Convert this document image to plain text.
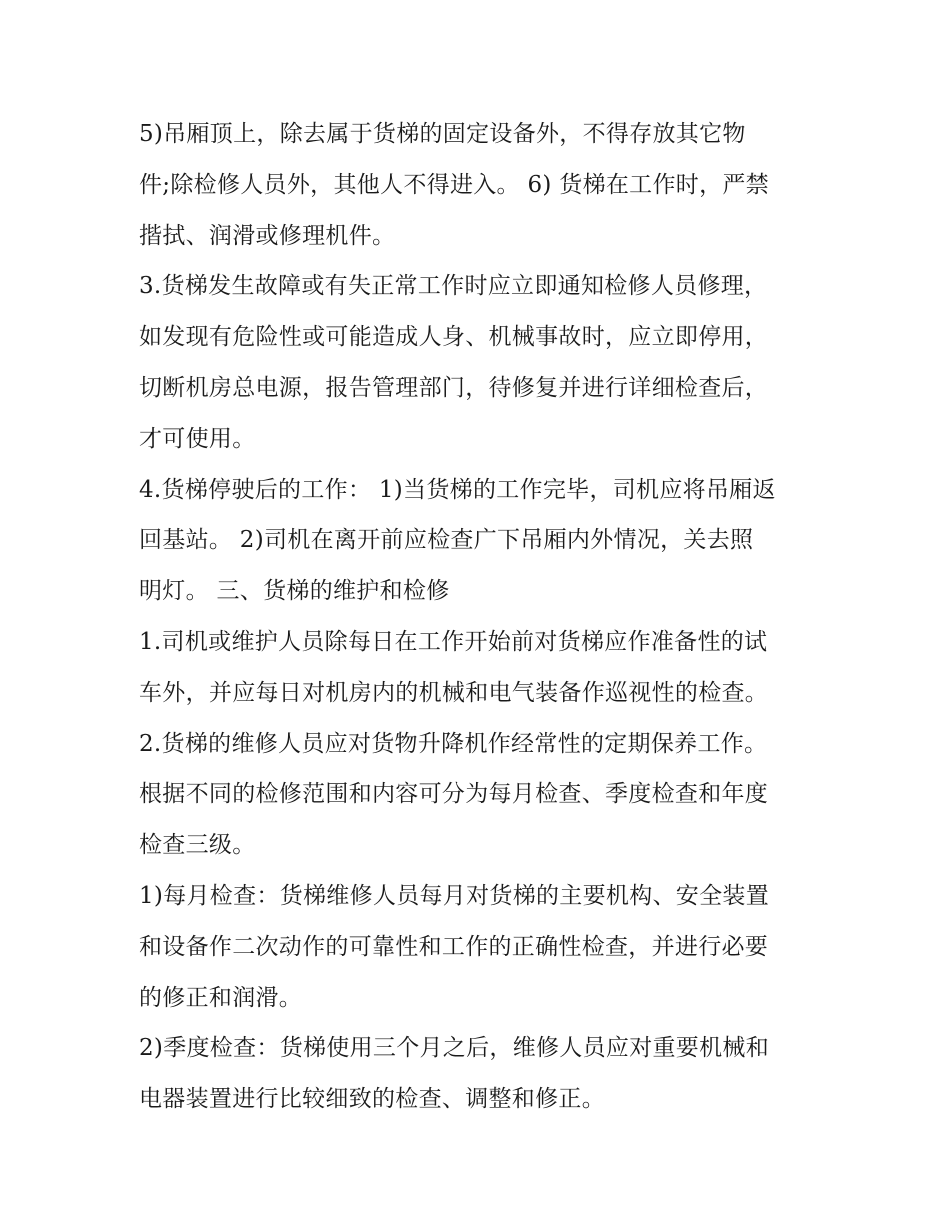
5)吊厢顶上，除去属于货梯的固定设备外，不得存放其它物
件;除检修人员外，其他人不得进入。 6) 货梯在工作时，严禁
揩拭、润滑或修理机件。

3.货梯发生故障或有失正常工作时应立即通知检修人员修理，
如发现有危险性或可能造成人身、机械事故时，应立即停用，
切断机房总电源，报告管理部门，待修复并进行详细检查后，
才可使用。

4.货梯停驶后的工作： 1)当货梯的工作完毕，司机应将吊厢返
回基站。 2)司机在离开前应检查广下吊厢内外情况，关去照
明灯。 三、货梯的维护和检修

1.司机或维护人员除每日在工作开始前对货梯应作准备性的试
车外，并应每日对机房内的机械和电气装备作巡视性的检查。

2.货梯的维修人员应对货物升降机作经常性的定期保养工作。
根据不同的检修范围和内容可分为每月检查、季度检查和年度
检查三级。

1)每月检查：货梯维修人员每月对货梯的主要机构、安全装置
和设备作二次动作的可靠性和工作的正确性检查，并进行必要
的修正和润滑。

2)季度检查：货梯使用三个月之后，维修人员应对重要机械和
电器装置进行比较细致的检查、调整和修正。
